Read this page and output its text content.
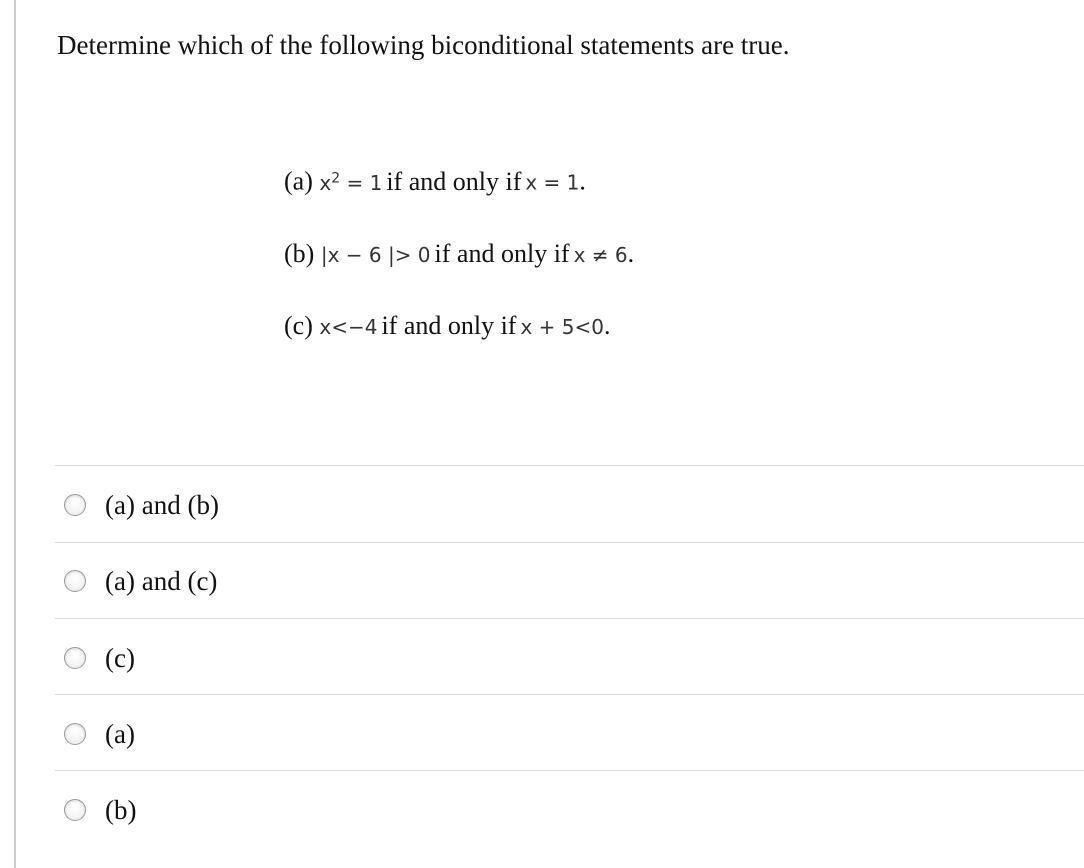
Determine which of the following biconditional statements are true.
(a) $x^2 = 1$ if and only if x = 1.
(b) |x − 6 |> 0 if and only if x ≠ 6.
(c) x<−4 if and only if x + 5<0.
(a) and (b)
(a) and (c)
(c)
(a)
(b)
